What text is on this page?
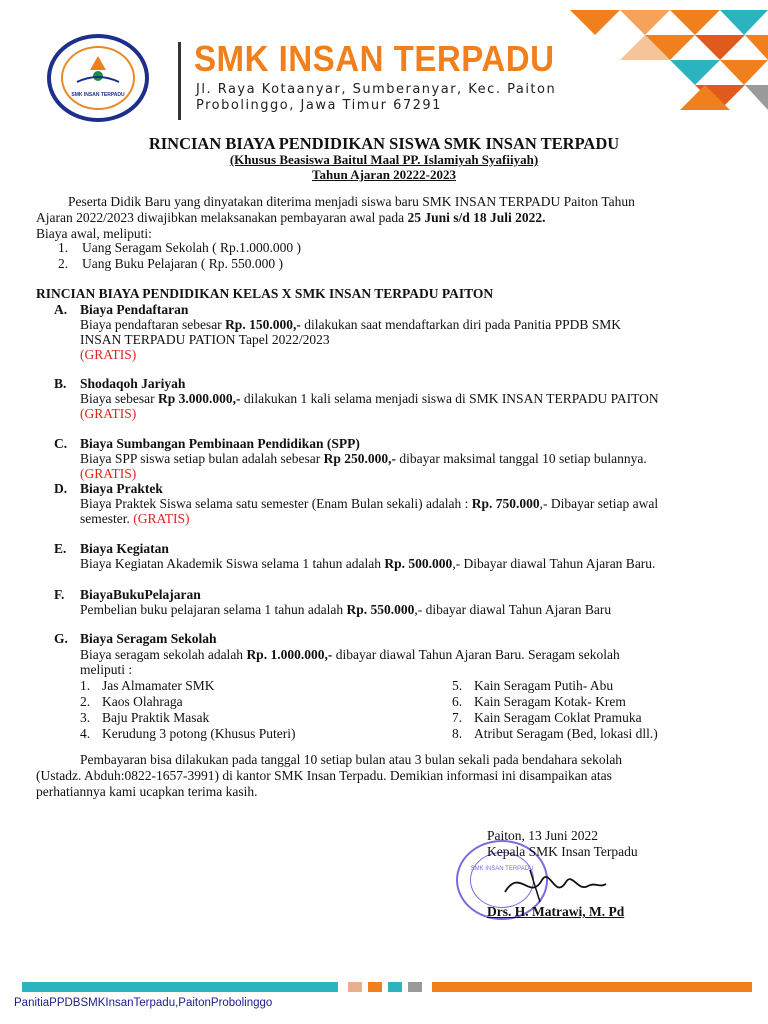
SMK INSAN TERPADU
SMK INSAN TERPADU
Jl. Raya Kotaanyar, Sumberanyar, Kec. Paiton
Probolinggo, Jawa Timur 67291
RINCIAN BIAYA PENDIDIKAN SISWA SMK INSAN TERPADU
(Khusus Beasiswa Baitul Maal PP. Islamiyah Syafiiyah)
Tahun Ajaran 20222-2023
Peserta Didik Baru yang dinyatakan diterima menjadi siswa baru SMK INSAN TERPADU Paiton Tahun
Ajaran 2022/2023 diwajibkan melaksanakan pembayaran awal pada 25 Juni s/d 18 Juli 2022.
Biaya awal, meliputi:
1. Uang Seragam Sekolah ( Rp.1.000.000 )
2. Uang Buku Pelajaran ( Rp. 550.000 )
RINCIAN BIAYA PENDIDIKAN KELAS X SMK INSAN TERPADU PAITON
A. Biaya Pendaftaran
Biaya pendaftaran sebesar Rp. 150.000,- dilakukan saat mendaftarkan diri pada Panitia PPDB SMK
INSAN TERPADU PATION Tapel 2022/2023
(GRATIS)
B. Shodaqoh Jariyah
Biaya sebesar Rp 3.000.000,- dilakukan 1 kali selama menjadi siswa di SMK INSAN TERPADU PAITON
(GRATIS)
C. Biaya Sumbangan Pembinaan Pendidikan (SPP)
Biaya SPP siswa setiap bulan adalah sebesar Rp 250.000,- dibayar maksimal tanggal 10 setiap bulannya.
(GRATIS)
D. Biaya Praktek
Biaya Praktek Siswa selama satu semester (Enam Bulan sekali) adalah : Rp. 750.000,- Dibayar setiap awal
semester. (GRATIS)
E. Biaya Kegiatan
Biaya Kegiatan Akademik Siswa selama 1 tahun adalah Rp. 500.000,- Dibayar diawal Tahun Ajaran Baru.
F. BiayaBukuPelajaran
Pembelian buku pelajaran selama 1 tahun adalah Rp. 550.000,- dibayar diawal Tahun Ajaran Baru
G. Biaya Seragam Sekolah
Biaya seragam sekolah adalah Rp. 1.000.000,- dibayar diawal Tahun Ajaran Baru. Seragam sekolah
meliputi :
1. Jas Almamater SMK
2. Kaos Olahraga
3. Baju Praktik Masak
4. Kerudung 3 potong (Khusus Puteri)
5. Kain Seragam Putih- Abu
6. Kain Seragam Kotak- Krem
7. Kain Seragam Coklat Pramuka
8. Atribut Seragam (Bed, lokasi dll.)
Pembayaran bisa dilakukan pada tanggal 10 setiap bulan atau 3 bulan sekali pada bendahara sekolah
(Ustadz. Abduh:0822-1657-3991) di kantor SMK Insan Terpadu. Demikian informasi ini disampaikan atas
perhatiannya kami ucapkan terima kasih.
SMK INSAN TERPADU
Paiton, 13 Juni 2022
Kepala SMK Insan Terpadu
Drs. H. Matrawi, M. Pd
PanitiaPPDBSMKInsanTerpadu,PaitonProbolinggo
